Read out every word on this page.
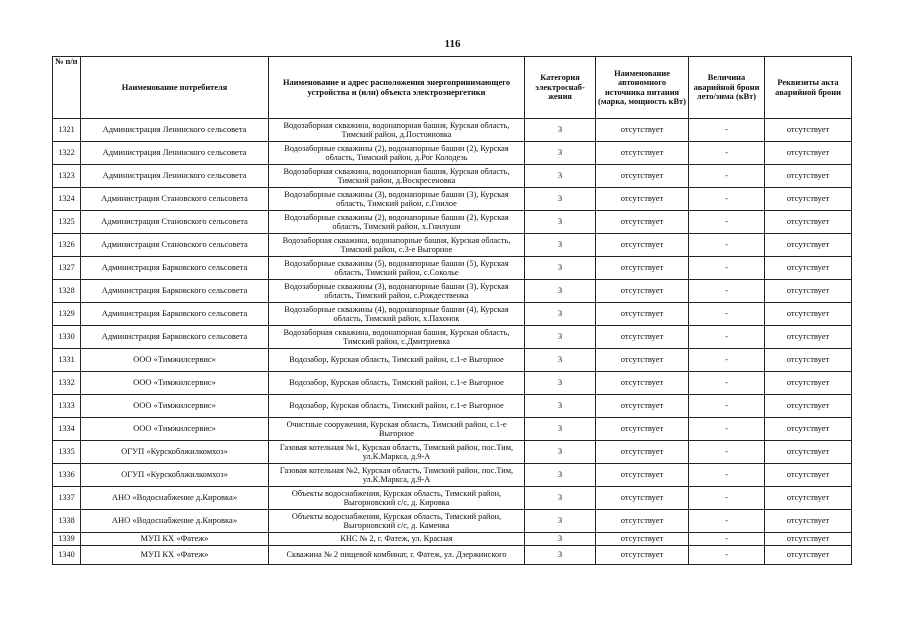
116
№ п/п	Наименование потребителя	Наименование и адрес расположения энергопринимающего устройства и (или) объекта электроэнергетики	Категория электроснаб-жения	Наименование автономного источника питания (марка, мощность кВт)	Величина аварийной брони лето/зима (кВт)	Реквизиты акта аварийной брони
1321	Администрация Ленинского сельсовета	Водозаборная скважина, водонапорная башня, Курская область, Тимский район, д.Постояновка	3	отсутствует	-	отсутствует
1322	Администрация Ленинского сельсовета	Водозаборные скважины (2), водонапорные башни (2), Курская область, Тимский район, д.Рог Колодезь	3	отсутствует	-	отсутствует
1323	Администрация Ленинского сельсовета	Водозаборная скважина, водонапорная башня, Курская область, Тимский район, д.Воскресеновка	3	отсутствует	-	отсутствует
1324	Администрация Становского сельсовета	Водозаборные скважины (3), водонапорные башни (3), Курская область, Тимский район, с.Гнилое	3	отсутствует	-	отсутствует
1325	Администрация Становского сельсовета	Водозаборные скважины (2), водонапорные башни (2), Курская область, Тимский район, х.Гнилуши	3	отсутствует	-	отсутствует
1326	Администрация Становского сельсовета	Водозаборная скважина, водонапорные башня, Курская область, Тимский район, с.3-е Выгорное	3	отсутствует	-	отсутствует
1327	Администрация Барковского сельсовета	Водозаборные скважины (5), водонапорные башни (5), Курская область, Тимский район, с.Сокольe	3	отсутствует	-	отсутствует
1328	Администрация Барковского сельсовета	Водозаборные скважины (3), водонапорные башни (3), Курская область, Тимский район, с.Рождественка	3	отсутствует	-	отсутствует
1329	Администрация Барковского сельсовета	Водозаборные скважины (4), водонапорные башни (4), Курская область, Тимский район, х.Пахонок	3	отсутствует	-	отсутствует
1330	Администрация Барковского сельсовета	Водозаборная скважина, водонапорная башня, Курская область, Тимский район, с.Дмитриевка	3	отсутствует	-	отсутствует
1331	ООО «Тимжилсервис»	Водозабор, Курская область, Тимский район, с.1-е Выгорное	3	отсутствует	-	отсутствует
1332	ООО «Тимжилсервис»	Водозабор, Курская область, Тимский район, с.1-е Выгорное	3	отсутствует	-	отсутствует
1333	ООО «Тимжилсервис»	Водозабор, Курская область, Тимский район, с.1-е Выгорное	3	отсутствует	-	отсутствует
1334	ООО «Тимжилсервис»	Очистные сооружения, Курская область, Тимский район, с.1-е Выгорное	3	отсутствует	-	отсутствует
1335	ОГУП «Курскоблжилкомхоз»	Газовая котельная №1, Курская область, Тимский район, пос.Тим, ул.К.Маркса, д.9-А	3	отсутствует	-	отсутствует
1336	ОГУП «Курскоблжилкомхоз»	Газовая котельная №2, Курская область, Тимский район, пос.Тим, ул.К.Маркса, д.9-А	3	отсутствует	-	отсутствует
1337	АНО «Водоснабжение д.Кировка»	Объекты водоснабжения, Курская область, Тимский район, Выгорновский с/с, д. Кировка	3	отсутствует	-	отсутствует
1338	АНО «Водоснабжение д.Кировка»	Объекты водоснабжения, Курская область, Тимский район, Выгорновский с/с, д. Каменка	3	отсутствует	-	отсутствует
1339	МУП КХ «Фатеж»	КНС № 2, г. Фатеж, ул. Красная	3	отсутствует	-	отсутствует
1340	МУП КХ «Фатеж»	Скважина № 2 пищевой комбинат, г. Фатеж, ул. Дзержинского	3	отсутствует	-	отсутствует
